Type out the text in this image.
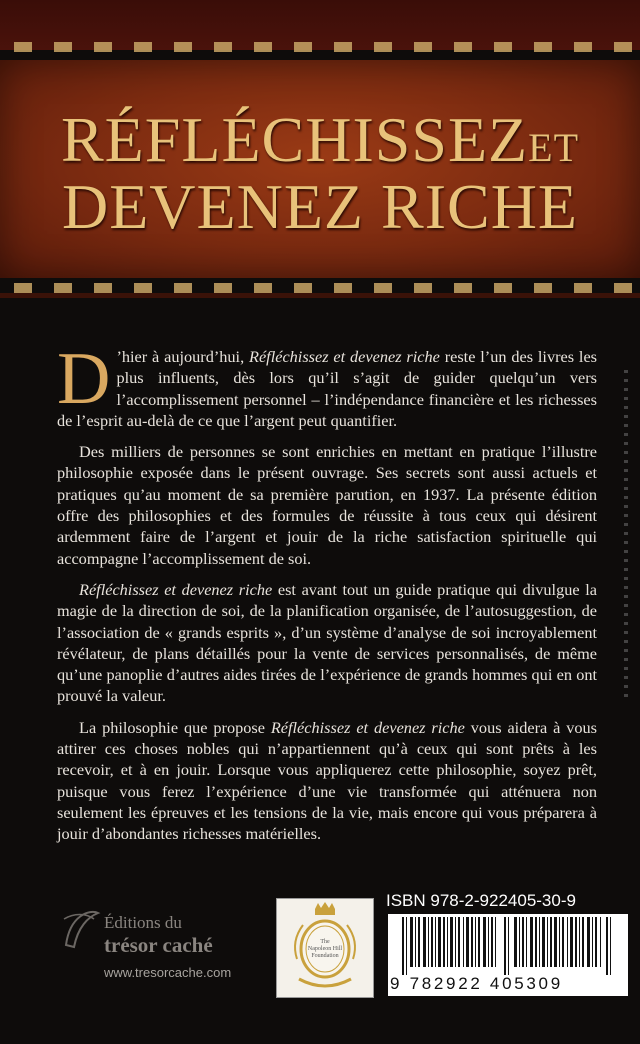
RÉFLÉCHISSEZET
DEVENEZ RICHE

D ’hier à aujourd’hui, Réfléchissez et devenez riche reste l’un des livres les plus influents, dès lors qu’il s’agit de guider quelqu’un vers l’accomplissement personnel – l’indépendance financière et les richesses de l’esprit au-delà de ce que l’argent peut quantifier.

Des milliers de personnes se sont enrichies en mettant en pratique l’illustre philosophie exposée dans le présent ouvrage. Ses secrets sont aussi actuels et pratiques qu’au moment de sa première parution, en 1937. La présente édition offre des philosophies et des formules de réussite à tous ceux qui désirent ardemment faire de l’argent et jouir de la riche satisfaction spirituelle qui accompagne l’accomplissement de soi.

Réfléchissez et devenez riche est avant tout un guide pratique qui divulgue la magie de la direction de soi, de la planification organisée, de l’autosuggestion, de l’association de « grands esprits », d’un système d’analyse de soi incroyablement révélateur, de plans détaillés pour la vente de services personnalisés, de même qu’une panoplie d’autres aides tirées de l’expérience de grands hommes qui en ont prouvé la valeur.

La philosophie que propose Réfléchissez et devenez riche vous aidera à vous attirer ces choses nobles qui n’appartiennent qu’à ceux qui sont prêts à les recevoir, et à en jouir. Lorsque vous appliquerez cette philosophie, soyez prêt, puisque vous ferez l’expérience d’une vie transformée qui atténuera non seulement les épreuves et les tensions de la vie, mais encore qui vous préparera à jouir d’abondantes richesses matérielles.

Éditions du
trésor caché
www.tresorcache.com
The
Napoleon Hill
Foundation
ISBN 978-2-922405-30-9
9 782922 405309
